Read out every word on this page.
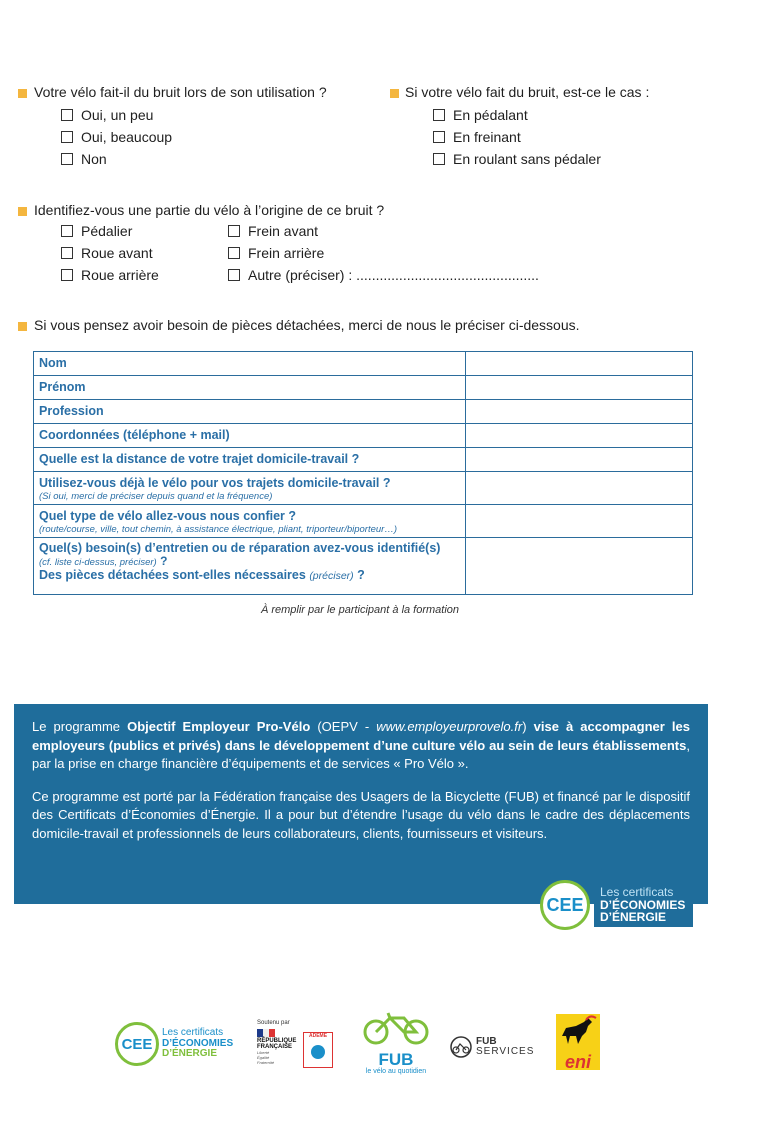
Votre vélo fait-il du bruit lors de son utilisation ?
Oui, un peu
Oui, beaucoup
Non
Si votre vélo fait du bruit, est-ce le cas :
En pédalant
En freinant
En roulant sans pédaler
Identifiez-vous une partie du vélo à l’origine de ce bruit ?
Pédalier
Roue avant
Roue arrière
Frein avant
Frein arrière
Autre (préciser) : ...............................................
Si vous pensez avoir besoin de pièces détachées, merci de nous le préciser ci-dessous.
Nom
Prénom
Profession
Coordonnées (téléphone + mail)
Quelle est la distance de votre trajet domicile-travail ?
Utilisez-vous déjà le vélo pour vos trajets domicile-travail ?
(Si oui, merci de préciser depuis quand et la fréquence)
Quel type de vélo allez-vous nous confier ?
(route/course, ville, tout chemin, à assistance électrique, pliant, triporteur/biporteur…)
Quel(s) besoin(s) d’entretien ou de réparation avez-vous identifié(s)
(cf. liste ci-dessus, préciser) ?
Des pièces détachées sont-elles nécessaires (préciser) ?
À remplir par le participant à la formation

Le programme Objectif Employeur Pro-Vélo (OEPV - www.employeurprovelo.fr) vise à accompagner les employeurs (publics et privés) dans le développement d’une culture vélo au sein de leurs établissements, par la prise en charge financière d’équipements et de services « Pro Vélo ».

Ce programme est porté par la Fédération française des Usagers de la Bicyclette (FUB) et financé par le dispositif des Certificats d’Économies d’Énergie. Il a pour but d’étendre l’usage du vélo dans le cadre des déplacements domicile-travail et professionnels de leurs collaborateurs, clients, fournisseurs et visiteurs.

CEE
Les certificats
D’ÉCONOMIES
D’ÉNERGIE
CEE
Les certificats
D’ÉCONOMIES
D’ÉNERGIE
Soutenu par
RÉPUBLIQUE
FRANÇAISE
Liberté
Égalité
Fraternité
ADEME
FUB
le vélo au quotidien
FUB
SERVICES
eni
